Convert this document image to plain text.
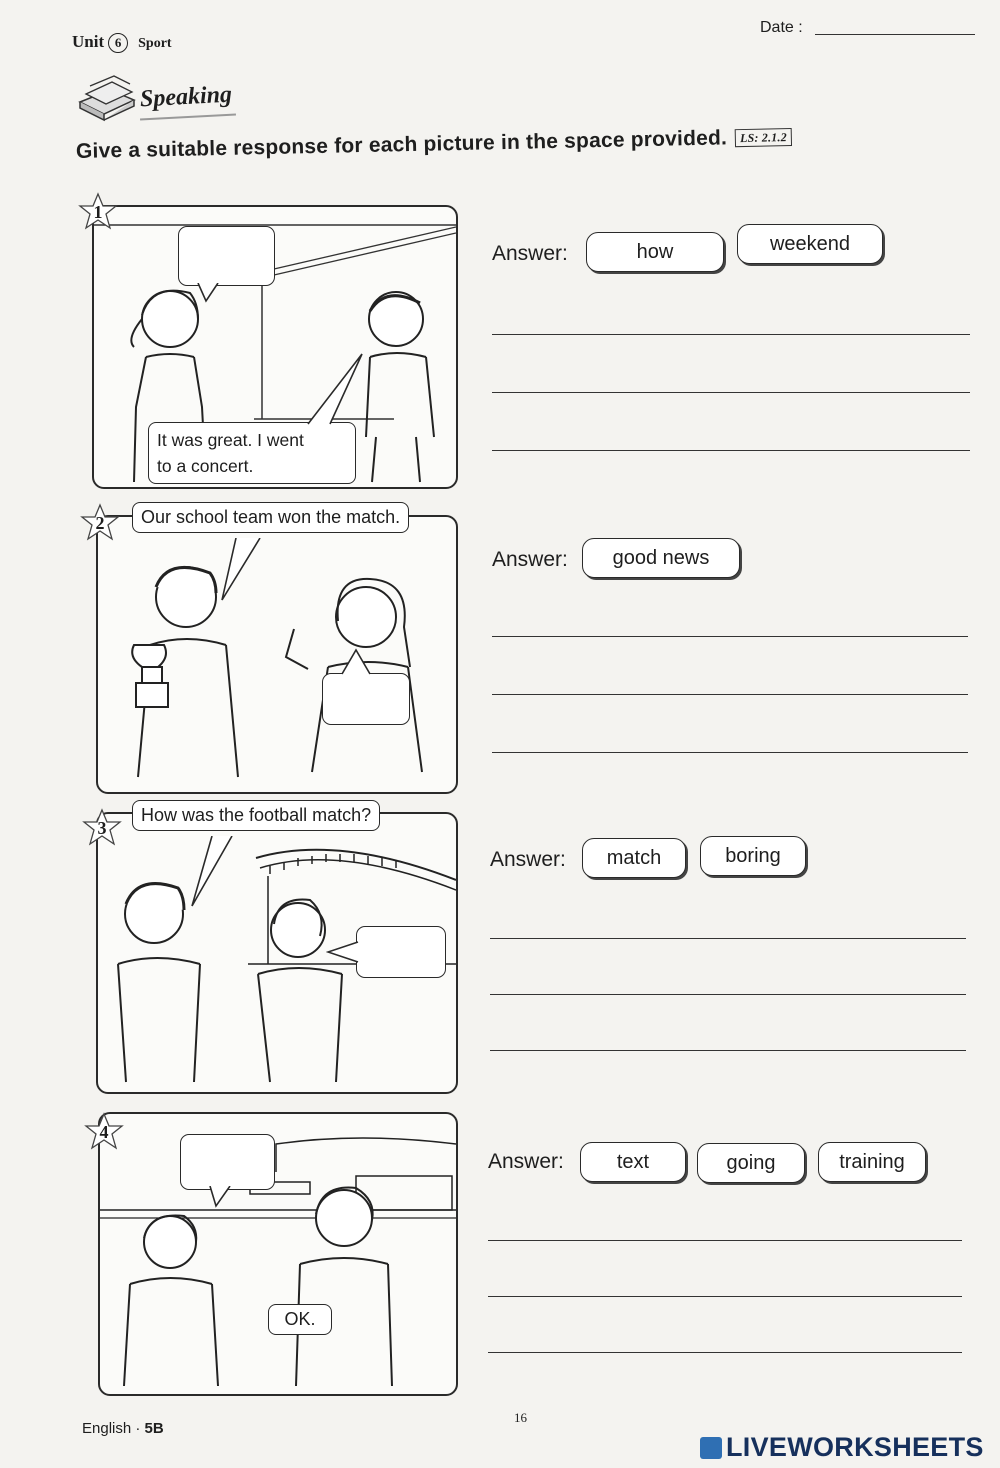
Unit 6 Sport
Date :
Speaking
Give a suitable response for each picture in the space provided. LS: 2.1.2
It was great. I went
to a concert.
1
Answer:	how	weekend
Our school team won the match.
2
Answer:	good news
How was the football match?
3
Answer:	match	boring
OK.
4
Answer:	text	going	training
English · 5B
16
LIVEWORKSHEETS
